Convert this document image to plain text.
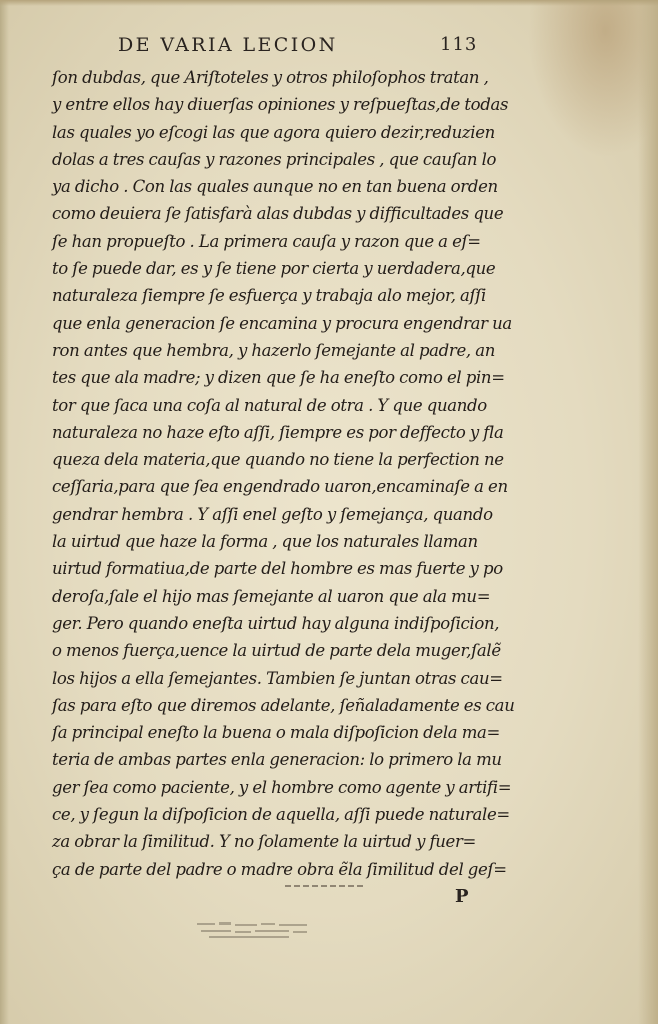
DE VARIA LECION	113
ſon dubdas, que Ariſtoteles y otros philoſophos tratan ,
y entre ellos hay diuerſas opiniones y reſpueſtas,de todas
las quales yo eſcogi las que agora quiero dezir,reduzien
dolas a tres cauſas y razones principales , que cauſan lo
ya dicho . Con las quales aunque no en tan buena orden
como deuiera ſe ſatisfarà alas dubdas y difficultades que
ſe han propueſto . La primera cauſa y razon que a eſ=
to ſe puede dar, es y ſe tiene por cierta y uerdadera,que
naturaleza ſiempre ſe esfuerça y trabaja alo mejor, aſſi
que enla generacion ſe encamina y procura engendrar ua
ron antes que hembra, y hazerlo ſemejante al padre, an
tes que ala madre; y dizen que ſe ha eneſto como el pin=
tor que ſaca una coſa al natural de otra . Y que quando
naturaleza no haze eſto aſſi, ſiempre es por deffecto y fla
queza dela materia,que quando no tiene la perfection ne
ceſſaria,para que ſea engendrado uaron,encaminaſe a en
gendrar hembra . Y aſſi enel geſto y ſemejança, quando
la uirtud que haze la forma , que los naturales llaman
uirtud formatiua,de parte del hombre es mas fuerte y po
deroſa,ſale el hijo mas ſemejante al uaron que ala mu=
ger. Pero quando eneſta uirtud hay alguna indiſpoſicion,
o menos fuerça,uence la uirtud de parte dela muger,ſalẽ
los hijos a ella ſemejantes. Tambien ſe juntan otras cau=
ſas para eſto que diremos adelante, ſeñaladamente es cau
ſa principal eneſto la buena o mala diſpoſicion dela ma=
teria de ambas partes enla generacion: lo primero la mu
ger ſea como paciente, y el hombre como agente y artifi=
ce, y ſegun la diſpoſicion de aquella, aſſi puede naturale=
za obrar la ſimilitud. Y no ſolamente la uirtud y fuer=
ça de parte del padre o madre obra ẽla ſimilitud del geſ=
P
